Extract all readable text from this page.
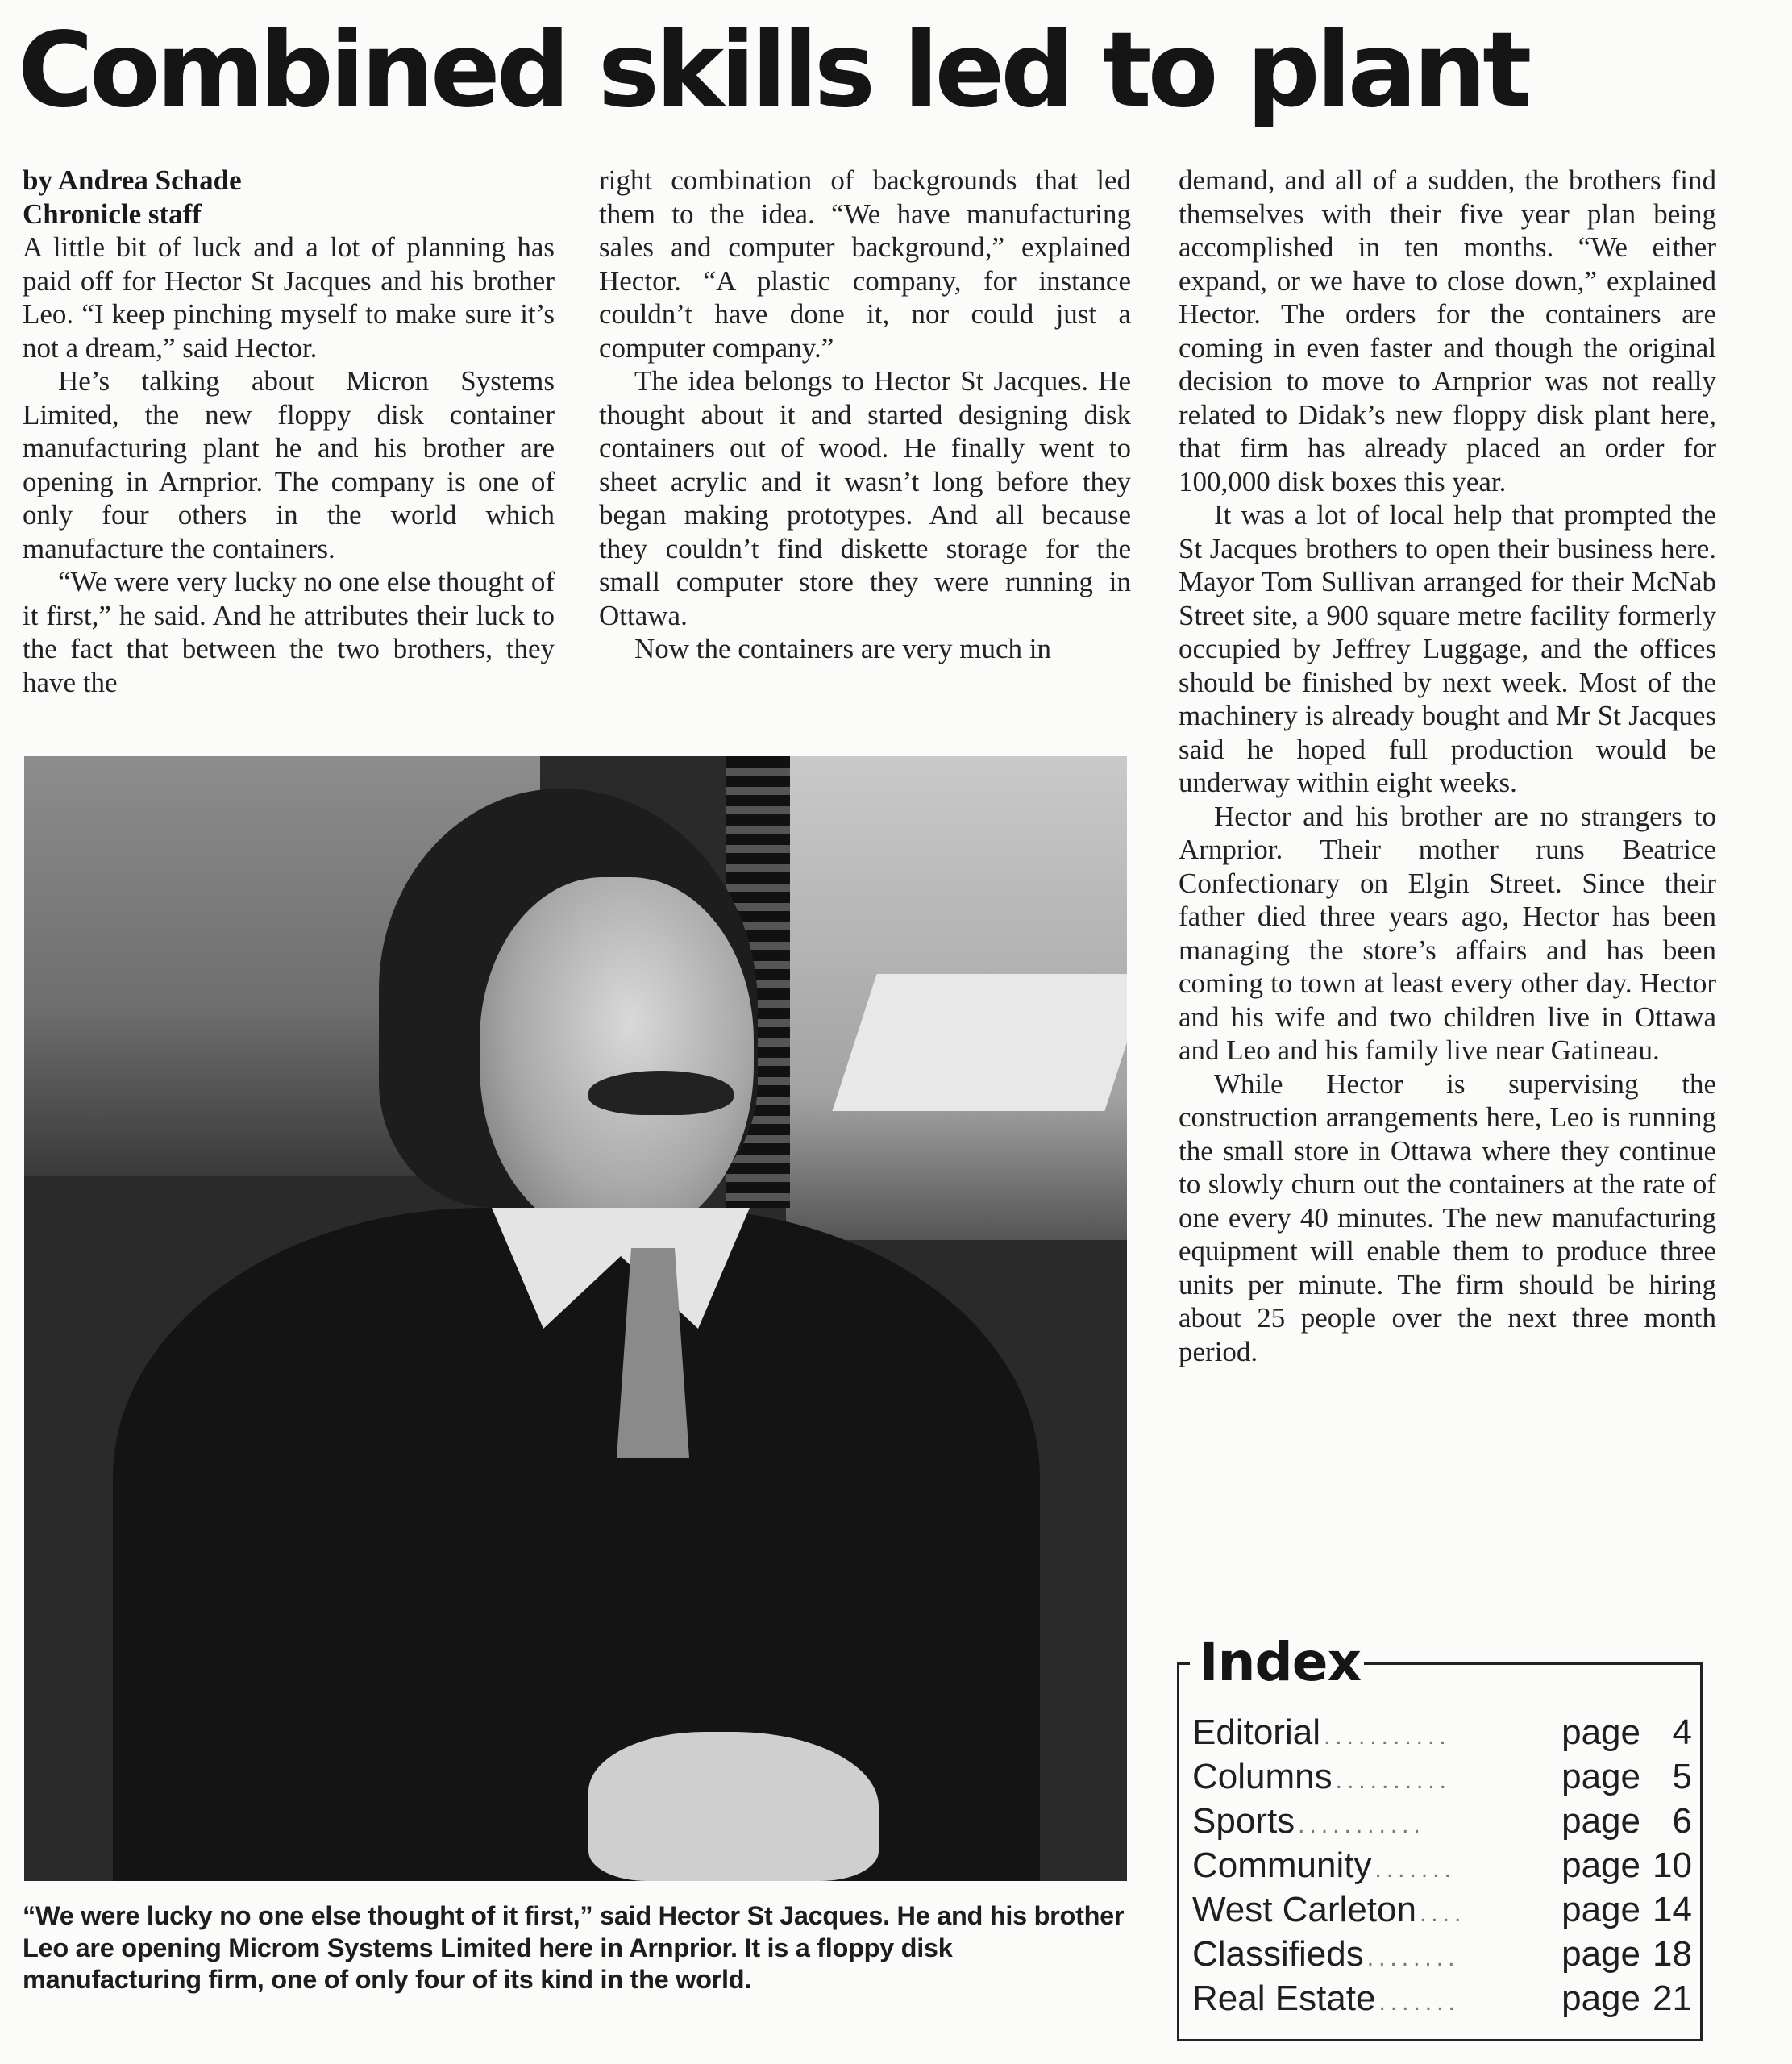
Combined skills led to plant
by Andrea Schade
Chronicle staff
A little bit of luck and a lot of planning has paid off for Hector St Jacques and his brother Leo. “I keep pinching myself to make sure it’s not a dream,” said Hector.
He’s talking about Micron Systems Limited, the new floppy disk container manufacturing plant he and his brother are opening in Arnprior. The company is one of only four others in the world which manufacture the containers.
“We were very lucky no one else thought of it first,” he said. And he attributes their luck to the fact that between the two brothers, they have the
right combination of backgrounds that led them to the idea. “We have manufacturing sales and computer background,” explained Hector. “A plastic company, for instance couldn’t have done it, nor could just a computer company.”
The idea belongs to Hector St Jacques. He thought about it and started designing disk containers out of wood. He finally went to sheet acrylic and it wasn’t long before they began making prototypes. And all because they couldn’t find diskette storage for the small computer store they were running in Ottawa.
Now the containers are very much in
demand, and all of a sudden, the brothers find themselves with their five year plan being accomplished in ten months. “We either expand, or we have to close down,” explained Hector. The orders for the containers are coming in even faster and though the original decision to move to Arnprior was not really related to Didak’s new floppy disk plant here, that firm has already placed an order for 100,000 disk boxes this year.
It was a lot of local help that prompted the St Jacques brothers to open their business here. Mayor Tom Sullivan arranged for their McNab Street site, a 900 square metre facility formerly occupied by Jeffrey Luggage, and the offices should be finished by next week. Most of the machinery is already bought and Mr St Jacques said he hoped full production would be underway within eight weeks.
Hector and his brother are no strangers to Arnprior. Their mother runs Beatrice Confectionary on Elgin Street. Since their father died three years ago, Hector has been managing the store’s affairs and has been coming to town at least every other day. Hector and his wife and two children live in Ottawa and Leo and his family live near Gatineau.
While Hector is supervising the construction arrangements here, Leo is running the small store in Ottawa where they continue to slowly churn out the containers at the rate of one every 40 minutes. The new manufacturing equipment will enable them to produce three units per minute. The firm should be hiring about 25 people over the next three month period.

“We were lucky no one else thought of it first,” said Hector St Jacques. He and his brother Leo are opening Microm Systems Limited here in Arnprior. It is a floppy disk manufacturing firm, one of only four of its kind in the world.

Index
Editorial ...........	page 4
Columns ..........	page 5
Sports ...........	page 6
Community .......	page 10
West Carleton ....	page 14
Classifieds ........	page 18
Real Estate .......	page 21
